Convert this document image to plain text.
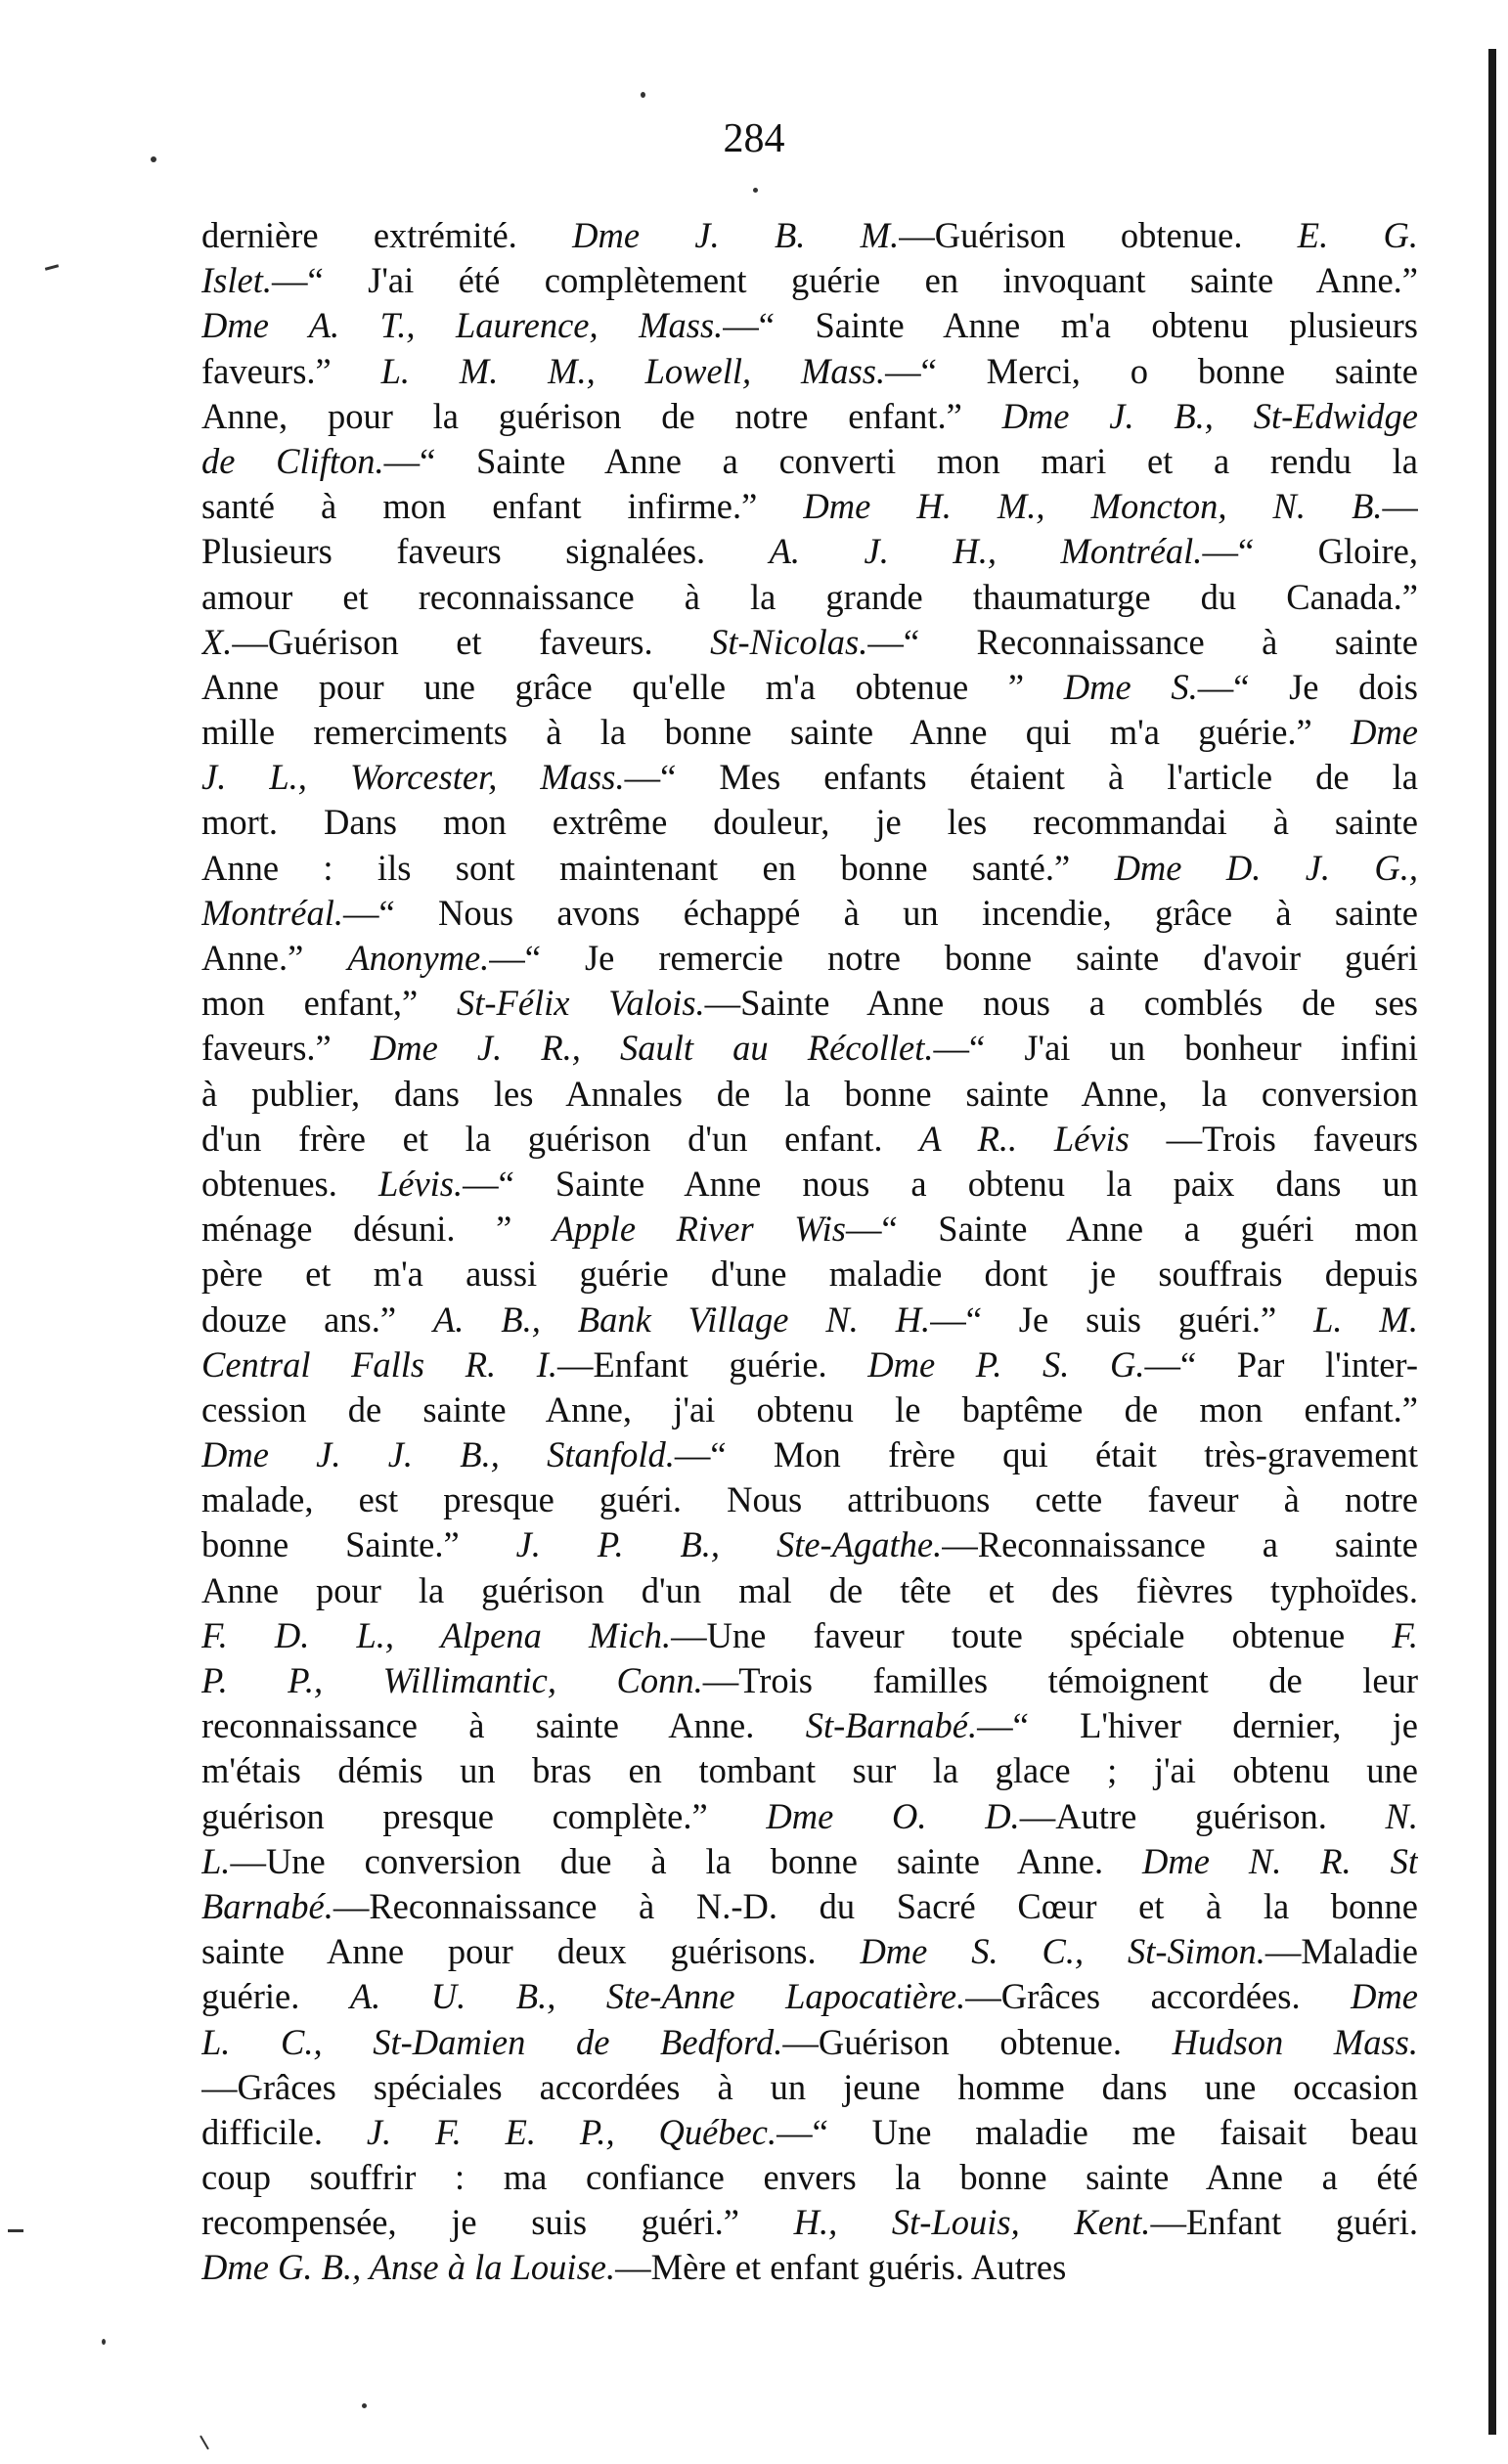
284
dernière extrémité. Dme J. B. M.—Guérison obtenue. E. G.
Islet.—“ J'ai été complètement guérie en invoquant sainte Anne.”
Dme A. T., Laurence, Mass.—“ Sainte Anne m'a obtenu plusieurs
faveurs.” L. M. M., Lowell, Mass.—“ Merci, o bonne sainte
Anne, pour la guérison de notre enfant.” Dme J. B., St-Edwidge
de Clifton.—“ Sainte Anne a converti mon mari et a rendu la
santé à mon enfant infirme.” Dme H. M., Moncton, N. B.—
Plusieurs faveurs signalées. A. J. H., Montréal.—“ Gloire,
amour et reconnaissance à la grande thaumaturge du Canada.”
X.—Guérison et faveurs. St-Nicolas.—“ Reconnaissance à sainte
Anne pour une grâce qu'elle m'a obtenue ” Dme S.—“ Je dois
mille remerciments à la bonne sainte Anne qui m'a guérie.” Dme
J. L., Worcester, Mass.—“ Mes enfants étaient à l'article de la
mort. Dans mon extrême douleur, je les recommandai à sainte
Anne : ils sont maintenant en bonne santé.” Dme D. J. G.,
Montréal.—“ Nous avons échappé à un incendie, grâce à sainte
Anne.” Anonyme.—“ Je remercie notre bonne sainte d'avoir guéri
mon enfant,” St-Félix Valois.—Sainte Anne nous a comblés de ses
faveurs.” Dme J. R., Sault au Récollet.—“ J'ai un bonheur infini
à publier, dans les Annales de la bonne sainte Anne, la conversion
d'un frère et la guérison d'un enfant. A R.. Lévis —Trois faveurs
obtenues. Lévis.—“ Sainte Anne nous a obtenu la paix dans un
ménage désuni. ” Apple River Wis—“ Sainte Anne a guéri mon
père et m'a aussi guérie d'une maladie dont je souffrais depuis
douze ans.” A. B., Bank Village N. H.—“ Je suis guéri.” L. M.
Central Falls R. I.—Enfant guérie. Dme P. S. G.—“ Par l'inter-
cession de sainte Anne, j'ai obtenu le baptême de mon enfant.”
Dme J. J. B., Stanfold.—“ Mon frère qui était très-gravement
malade, est presque guéri. Nous attribuons cette faveur à notre
bonne Sainte.” J. P. B., Ste-Agathe.—Reconnaissance a sainte
Anne pour la guérison d'un mal de tête et des fièvres typhoïdes.
F. D. L., Alpena Mich.—Une faveur toute spéciale obtenue F.
P. P., Willimantic, Conn.—Trois familles témoignent de leur
reconnaissance à sainte Anne. St-Barnabé.—“ L'hiver dernier, je
m'étais démis un bras en tombant sur la glace ; j'ai obtenu une
guérison presque complète.” Dme O. D.—Autre guérison. N.
L.—Une conversion due à la bonne sainte Anne. Dme N. R. St
Barnabé.—Reconnaissance à N.-D. du Sacré Cœur et à la bonne
sainte Anne pour deux guérisons. Dme S. C., St-Simon.—Maladie
guérie. A. U. B., Ste-Anne Lapocatière.—Grâces accordées. Dme
L. C., St-Damien de Bedford.—Guérison obtenue. Hudson Mass.
—Grâces spéciales accordées à un jeune homme dans une occasion
difficile. J. F. E. P., Québec.—“ Une maladie me faisait beau
coup souffrir : ma confiance envers la bonne sainte Anne a été
recompensée, je suis guéri.” H., St-Louis, Kent.—Enfant guéri.
Dme G. B., Anse à la Louise.—Mère et enfant guéris. Autres
